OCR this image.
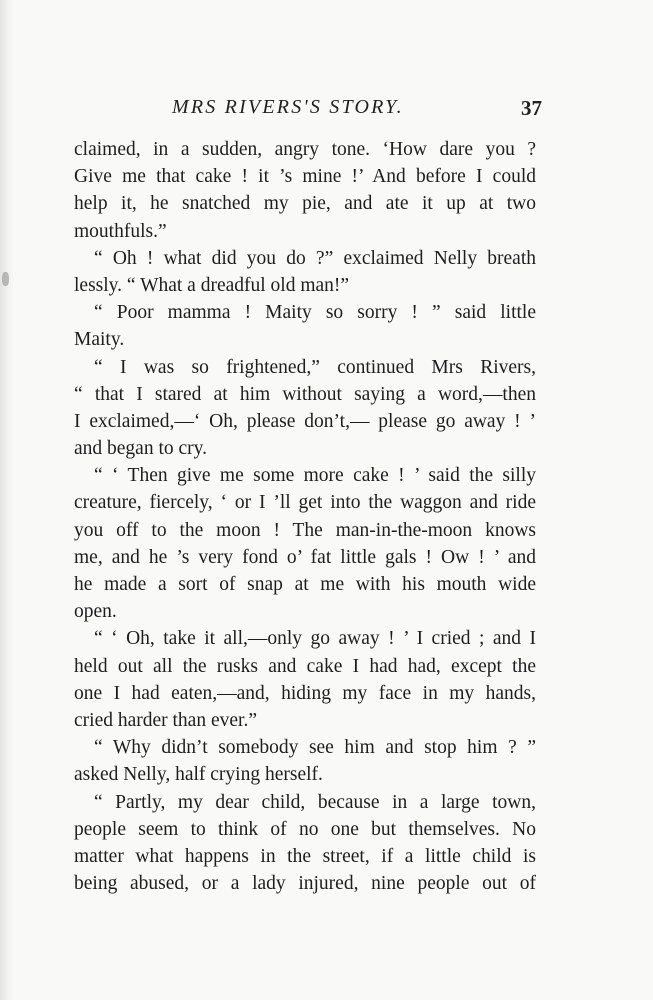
MRS RIVERS'S STORY.	37
claimed, in a sudden, angry tone. ‘How dare you ?
Give me that cake ! it ’s mine !’ And before I could
help it, he snatched my pie, and ate it up at two
mouthfuls.”
“ Oh ! what did you do ?” exclaimed Nelly breath
lessly. “ What a dreadful old man!”
“ Poor mamma ! Maity so sorry ! ” said little
Maity.
“ I was so frightened,” continued Mrs Rivers,
“ that I stared at him without saying a word,—then
I exclaimed,—‘ Oh, please don’t,— please go away ! ’
and began to cry.
“ ‘ Then give me some more cake ! ’ said the silly
creature, fiercely, ‘ or I ’ll get into the waggon and ride
you off to the moon ! The man-in-the-moon knows
me, and he ’s very fond o’ fat little gals ! Ow ! ’ and
he made a sort of snap at me with his mouth wide
open.
“ ‘ Oh, take it all,—only go away ! ’ I cried ; and I
held out all the rusks and cake I had had, except the
one I had eaten,—and, hiding my face in my hands,
cried harder than ever.”
“ Why didn’t somebody see him and stop him ? ”
asked Nelly, half crying herself.
“ Partly, my dear child, because in a large town,
people seem to think of no one but themselves. No
matter what happens in the street, if a little child is
being abused, or a lady injured, nine people out of
